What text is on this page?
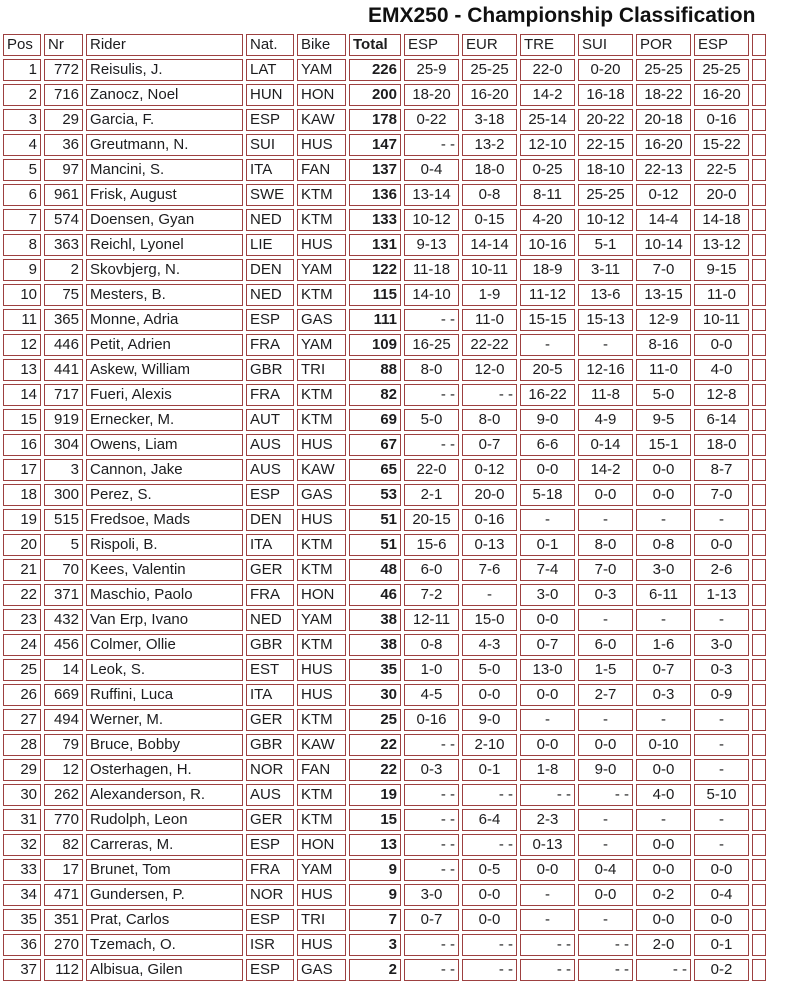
EMX250 - Championship Classification
Pos	Nr	Rider	Nat.	Bike	Total	ESP	EUR	TRE	SUI	POR	ESP	
1	772	Reisulis, J.	LAT	YAM	226	25-9	25-25	22-0	0-20	25-25	25-25	
2	716	Zanocz, Noel	HUN	HON	200	18-20	16-20	14-2	16-18	18-22	16-20	
3	29	Garcia, F.	ESP	KAW	178	0-22	3-18	25-14	20-22	20-18	0-16	
4	36	Greutmann, N.	SUI	HUS	147	- -	13-2	12-10	22-15	16-20	15-22	
5	97	Mancini, S.	ITA	FAN	137	0-4	18-0	0-25	18-10	22-13	22-5	
6	961	Frisk, August	SWE	KTM	136	13-14	0-8	8-11	25-25	0-12	20-0	
7	574	Doensen, Gyan	NED	KTM	133	10-12	0-15	4-20	10-12	14-4	14-18	
8	363	Reichl, Lyonel	LIE	HUS	131	9-13	14-14	10-16	5-1	10-14	13-12	
9	2	Skovbjerg, N.	DEN	YAM	122	11-18	10-11	18-9	3-11	7-0	9-15	
10	75	Mesters, B.	NED	KTM	115	14-10	1-9	11-12	13-6	13-15	11-0	
11	365	Monne, Adria	ESP	GAS	111	- -	11-0	15-15	15-13	12-9	10-11	
12	446	Petit, Adrien	FRA	YAM	109	16-25	22-22	-	-	8-16	0-0	
13	441	Askew, William	GBR	TRI	88	8-0	12-0	20-5	12-16	11-0	4-0	
14	717	Fueri, Alexis	FRA	KTM	82	- -	- -	16-22	11-8	5-0	12-8	
15	919	Ernecker, M.	AUT	KTM	69	5-0	8-0	9-0	4-9	9-5	6-14	
16	304	Owens, Liam	AUS	HUS	67	- -	0-7	6-6	0-14	15-1	18-0	
17	3	Cannon, Jake	AUS	KAW	65	22-0	0-12	0-0	14-2	0-0	8-7	
18	300	Perez, S.	ESP	GAS	53	2-1	20-0	5-18	0-0	0-0	7-0	
19	515	Fredsoe, Mads	DEN	HUS	51	20-15	0-16	-	-	-	-	
20	5	Rispoli, B.	ITA	KTM	51	15-6	0-13	0-1	8-0	0-8	0-0	
21	70	Kees, Valentin	GER	KTM	48	6-0	7-6	7-4	7-0	3-0	2-6	
22	371	Maschio, Paolo	FRA	HON	46	7-2	-	3-0	0-3	6-11	1-13	
23	432	Van Erp, Ivano	NED	YAM	38	12-11	15-0	0-0	-	-	-	
24	456	Colmer, Ollie	GBR	KTM	38	0-8	4-3	0-7	6-0	1-6	3-0	
25	14	Leok, S.	EST	HUS	35	1-0	5-0	13-0	1-5	0-7	0-3	
26	669	Ruffini, Luca	ITA	HUS	30	4-5	0-0	0-0	2-7	0-3	0-9	
27	494	Werner, M.	GER	KTM	25	0-16	9-0	-	-	-	-	
28	79	Bruce, Bobby	GBR	KAW	22	- -	2-10	0-0	0-0	0-10	-	
29	12	Osterhagen, H.	NOR	FAN	22	0-3	0-1	1-8	9-0	0-0	-	
30	262	Alexanderson, R.	AUS	KTM	19	- -	- -	- -	- -	4-0	5-10	
31	770	Rudolph, Leon	GER	KTM	15	- -	6-4	2-3	-	-	-	
32	82	Carreras, M.	ESP	HON	13	- -	- -	0-13	-	0-0	-	
33	17	Brunet, Tom	FRA	YAM	9	- -	0-5	0-0	0-4	0-0	0-0	
34	471	Gundersen, P.	NOR	HUS	9	3-0	0-0	-	0-0	0-2	0-4	
35	351	Prat, Carlos	ESP	TRI	7	0-7	0-0	-	-	0-0	0-0	
36	270	Tzemach, O.	ISR	HUS	3	- -	- -	- -	- -	2-0	0-1	
37	112	Albisua, Gilen	ESP	GAS	2	- -	- -	- -	- -	- -	0-2	
